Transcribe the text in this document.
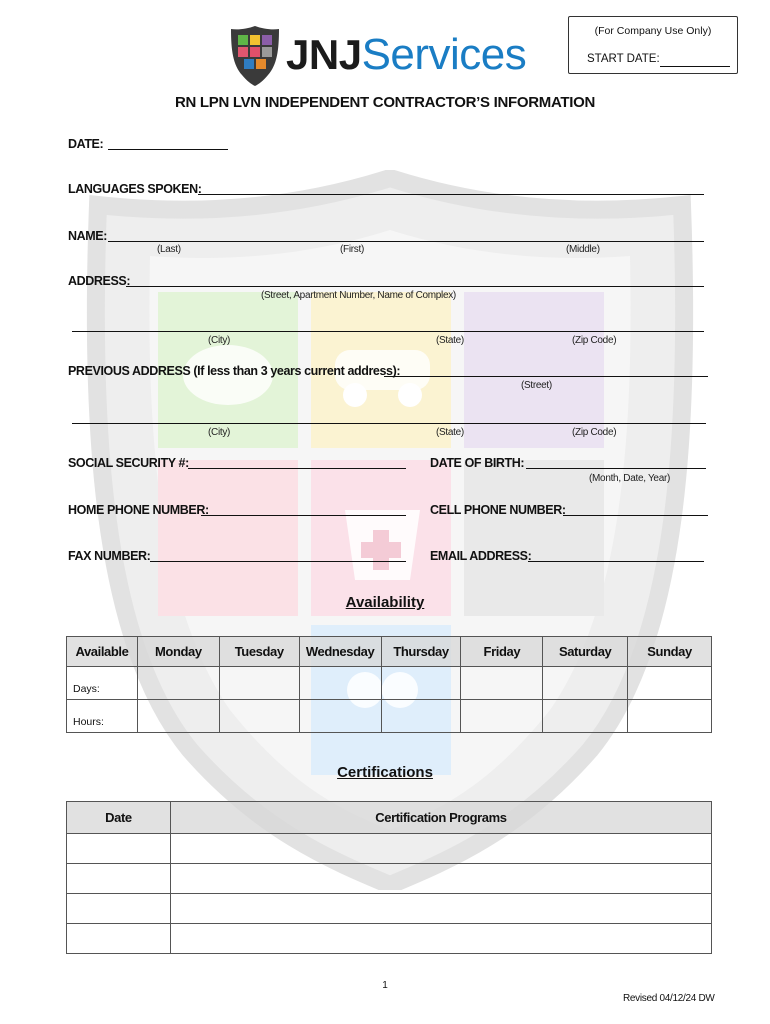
JNJServices	(For Company Use Only)
START DATE:
RN LPN LVN INDEPENDENT CONTRACTOR’S INFORMATION
DATE:
LANGUAGES SPOKEN:
NAME:
(Last)	(First)	(Middle)
ADDRESS:
(Street, Apartment Number, Name of Complex)
(City)	(State)	(Zip Code)
PREVIOUS ADDRESS (If less than 3 years current address):
(Street)
(City)	(State)	(Zip Code)
SOCIAL SECURITY #:	DATE OF BIRTH:
(Month, Date, Year)
HOME PHONE NUMBER:	CELL PHONE NUMBER:
FAX NUMBER:	EMAIL ADDRESS:
Availability
Available	Monday	Tuesday	Wednesday	Thursday	Friday	Saturday	Sunday
Days:							
Hours:							
Certifications
Date	Certification Programs

1
Revised 04/12/24 DW
